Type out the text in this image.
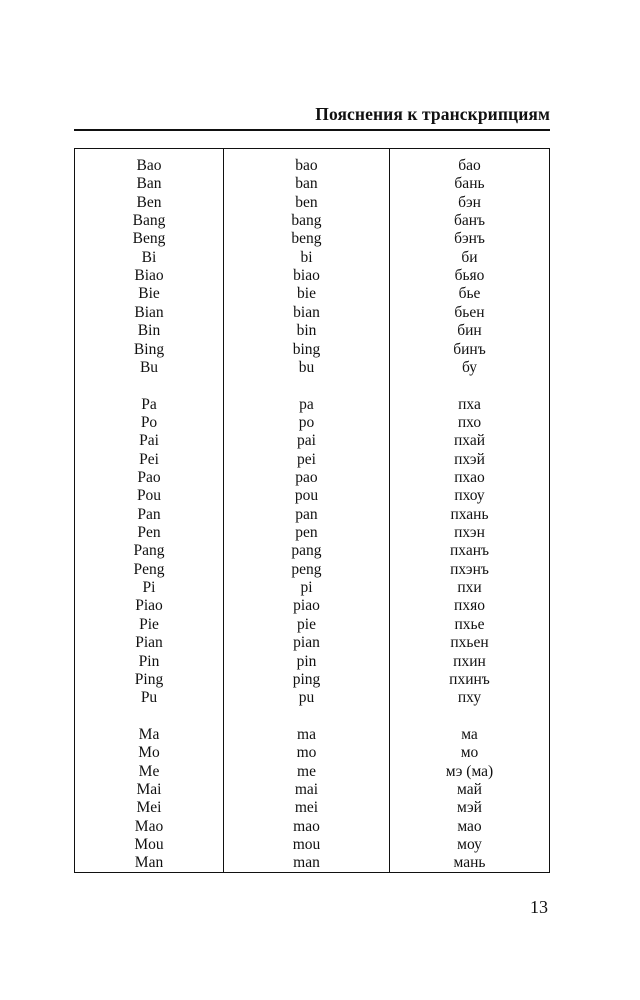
Пояснения к транскрипциям
Bao
Ban
Ben
Bang
Beng
Bi
Biao
Bie
Bian
Bin
Bing
Bu
Pa
Po
Pai
Pei
Pao
Pou
Pan
Pen
Pang
Peng
Pi
Piao
Pie
Pian
Pin
Ping
Pu
Ma
Mo
Me
Mai
Mei
Mao
Mou
Man
bao
ban
ben
bang
beng
bi
biao
bie
bian
bin
bing
bu
pa
po
pai
pei
pao
pou
pan
pen
pang
peng
pi
piao
pie
pian
pin
ping
pu
ma
mo
me
mai
mei
mao
mou
man
бао
бань
бэн
банъ
бэнъ
би
бьяо
бье
бьен
бин
бинъ
бу
пха
пхо
пхай
пхэй
пхао
пхоу
пхань
пхэн
пханъ
пхэнъ
пхи
пхяо
пхье
пхьен
пхин
пхинъ
пху
ма
мо
мэ (ма)
май
мэй
мао
моу
мань
13
